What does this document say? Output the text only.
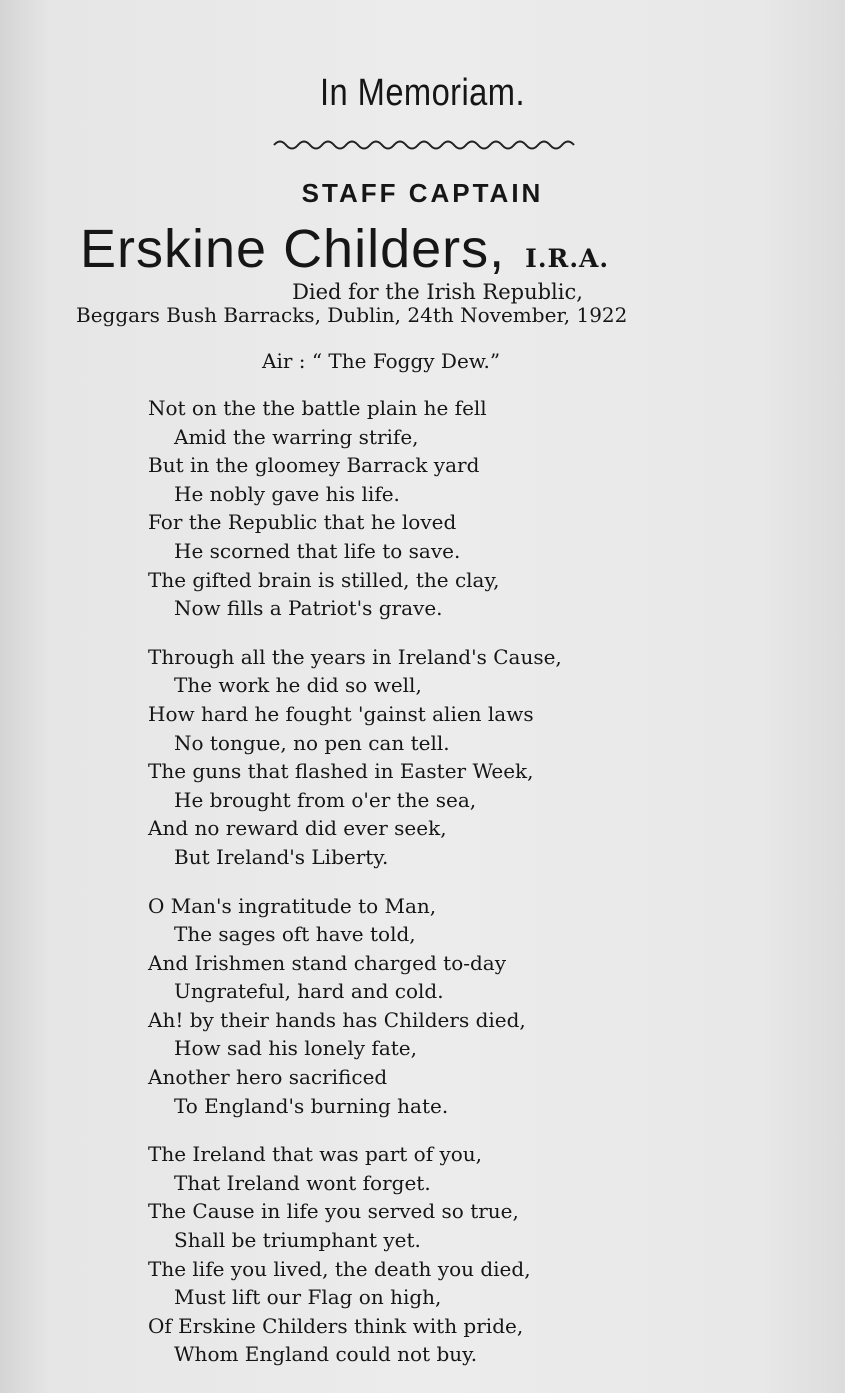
In Memoriam.
STAFF CAPTAIN
Erskine Childers, I.R.A.
Died for the Irish Republic,
Beggars Bush Barracks, Dublin, 24th November, 1922
Air : “ The Foggy Dew.”
Not on the the battle plain he fell
Amid the warring strife,
But in the gloomey Barrack yard
He nobly gave his life.
For the Republic that he loved
He scorned that life to save.
The gifted brain is stilled, the clay,
Now fills a Patriot's grave.
Through all the years in Ireland's Cause,
The work he did so well,
How hard he fought 'gainst alien laws
No tongue, no pen can tell.
The guns that flashed in Easter Week,
He brought from o'er the sea,
And no reward did ever seek,
But Ireland's Liberty.
O Man's ingratitude to Man,
The sages oft have told,
And Irishmen stand charged to-day
Ungrateful, hard and cold.
Ah! by their hands has Childers died,
How sad his lonely fate,
Another hero sacrificed
To England's burning hate.
The Ireland that was part of you,
That Ireland wont forget.
The Cause in life you served so true,
Shall be triumphant yet.
The life you lived, the death you died,
Must lift our Flag on high,
Of Erskine Childers think with pride,
Whom England could not buy.
